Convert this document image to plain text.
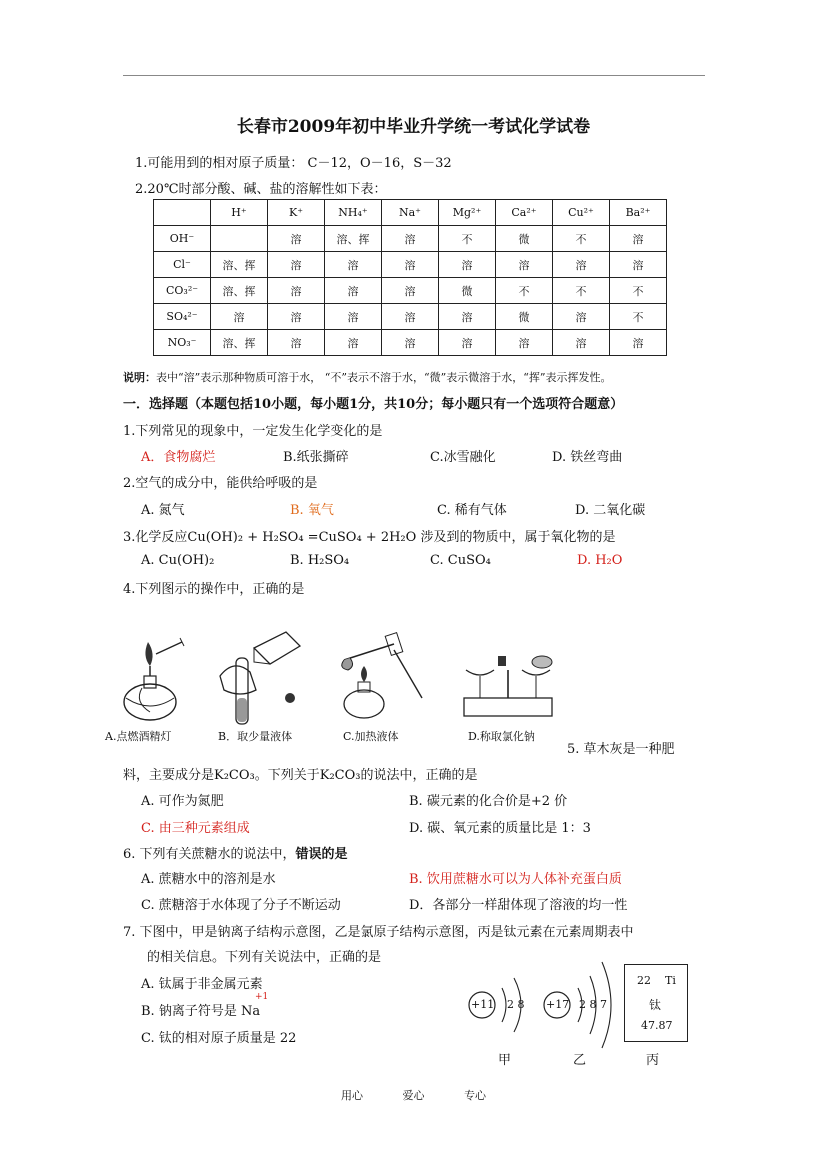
长春市2009年初中毕业升学统一考试化学试卷
1.可能用到的相对原子质量： C－12，O－16，S－32
2.20℃时部分酸、碱、盐的溶解性如下表：
	H⁺	K⁺	NH₄⁺	Na⁺	Mg²⁺	Ca²⁺	Cu²⁺	Ba²⁺
OH⁻		溶	溶、挥	溶	不	微	不	溶
Cl⁻	溶、挥	溶	溶	溶	溶	溶	溶	溶
CO₃²⁻	溶、挥	溶	溶	溶	微	不	不	不
SO₄²⁻	溶	溶	溶	溶	溶	微	溶	不
NO₃⁻	溶、挥	溶	溶	溶	溶	溶	溶	溶
说明：表中“溶”表示那种物质可溶于水， “不”表示不溶于水，“微”表示微溶于水，“挥”表示挥发性。
一．选择题（本题包括10小题，每小题1分，共10分；每小题只有一个选项符合题意）
1.下列常见的现象中，一定发生化学变化的是
A．食物腐烂	B.纸张撕碎	C.冰雪融化	D. 铁丝弯曲
2.空气的成分中，能供给呼吸的是
A. 氮气	B. 氧气	C. 稀有气体	D. 二氧化碳
3.化学反应Cu(OH)₂ + H₂SO₄ =CuSO₄ + 2H₂O 涉及到的物质中，属于氧化物的是
A. Cu(OH)₂	B. H₂SO₄	C. CuSO₄	D. H₂O
4.下列图示的操作中，正确的是
A.点燃酒精灯	B．取少量液体	C.加热液体	D.称取氯化钠
5. 草木灰是一种肥
料，主要成分是K₂CO₃。下列关于K₂CO₃的说法中，正确的是
A. 可作为氮肥	B. 碳元素的化合价是+2 价
C. 由三种元素组成	D. 碳、氧元素的质量比是 1：3
6. 下列有关蔗糖水的说法中，错误的是
A. 蔗糖水中的溶剂是水	B. 饮用蔗糖水可以为人体补充蛋白质
C. 蔗糖溶于水体现了分子不断运动	D．各部分一样甜体现了溶液的均一性
7. 下图中，甲是钠离子结构示意图，乙是氯原子结构示意图，丙是钛元素在元素周期表中
的相关信息。下列有关说法中，正确的是
A. 钛属于非金属元素
B. 钠离子符号是 Na
+1
C. 钛的相对原子质量是 22
+11 2 8
甲
+17 2 8 7
乙
22 Ti
钛
47.87
丙
用心	爱心	专心
